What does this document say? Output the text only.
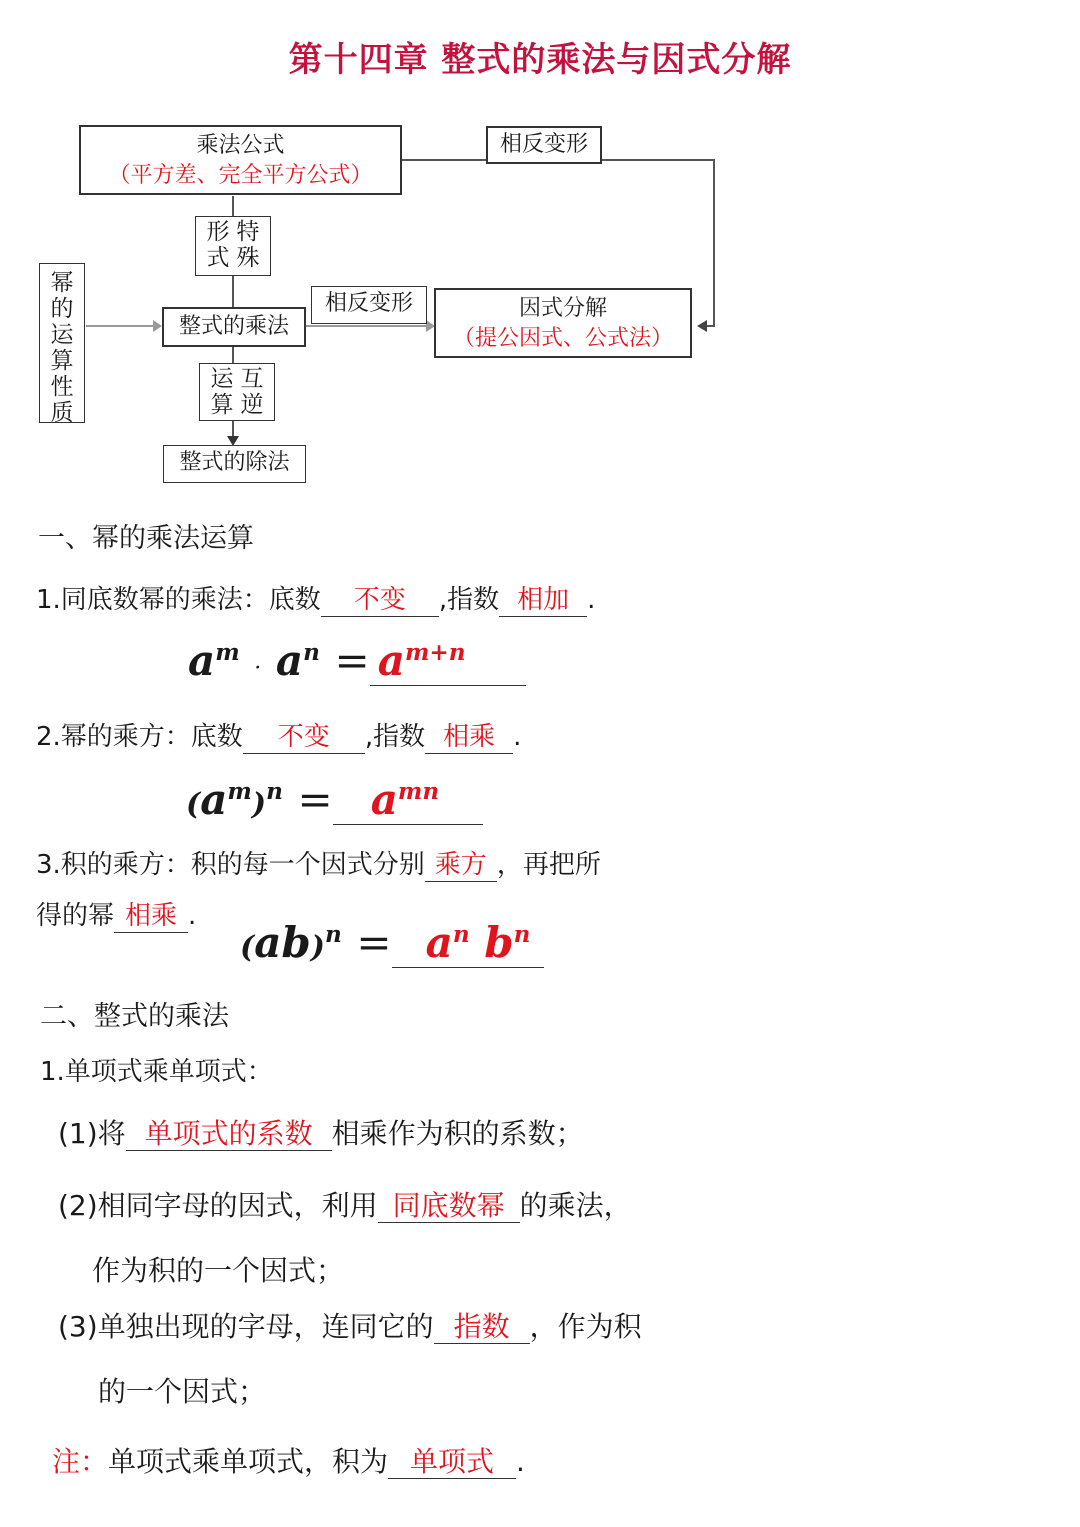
第十四章 整式的乘法与因式分解
乘法公式
（平方差、完全平方公式）
相反变形
形式
特殊
幂的运算性质
整式的乘法
相反变形	因式分解
（提公因式、公式法）
运算
互逆
整式的除法
一、幂的乘法运算
1.同底数幂的乘法：底数 不变 ,指数 相加 .
$a^m \cdot a^n = a^{m+n}$
2.幂的乘方：底数 不变 ,指数 相乘 .
$(a^m)^n = a^{mn}$
3.积的乘方：积的每一个因式分别 乘方 ，再把所
得的幂 相乘 .
$(ab)^n = a^n$ $b^n$
二、整式的乘法
1.单项式乘单项式：
(1)将 单项式的系数 相乘作为积的系数；
(2)相同字母的因式，利用 同底数幂 的乘法，
作为积的一个因式；
(3)单独出现的字母，连同它的 指数 ，作为积
的一个因式；
注：单项式乘单项式，积为 单项式 .
